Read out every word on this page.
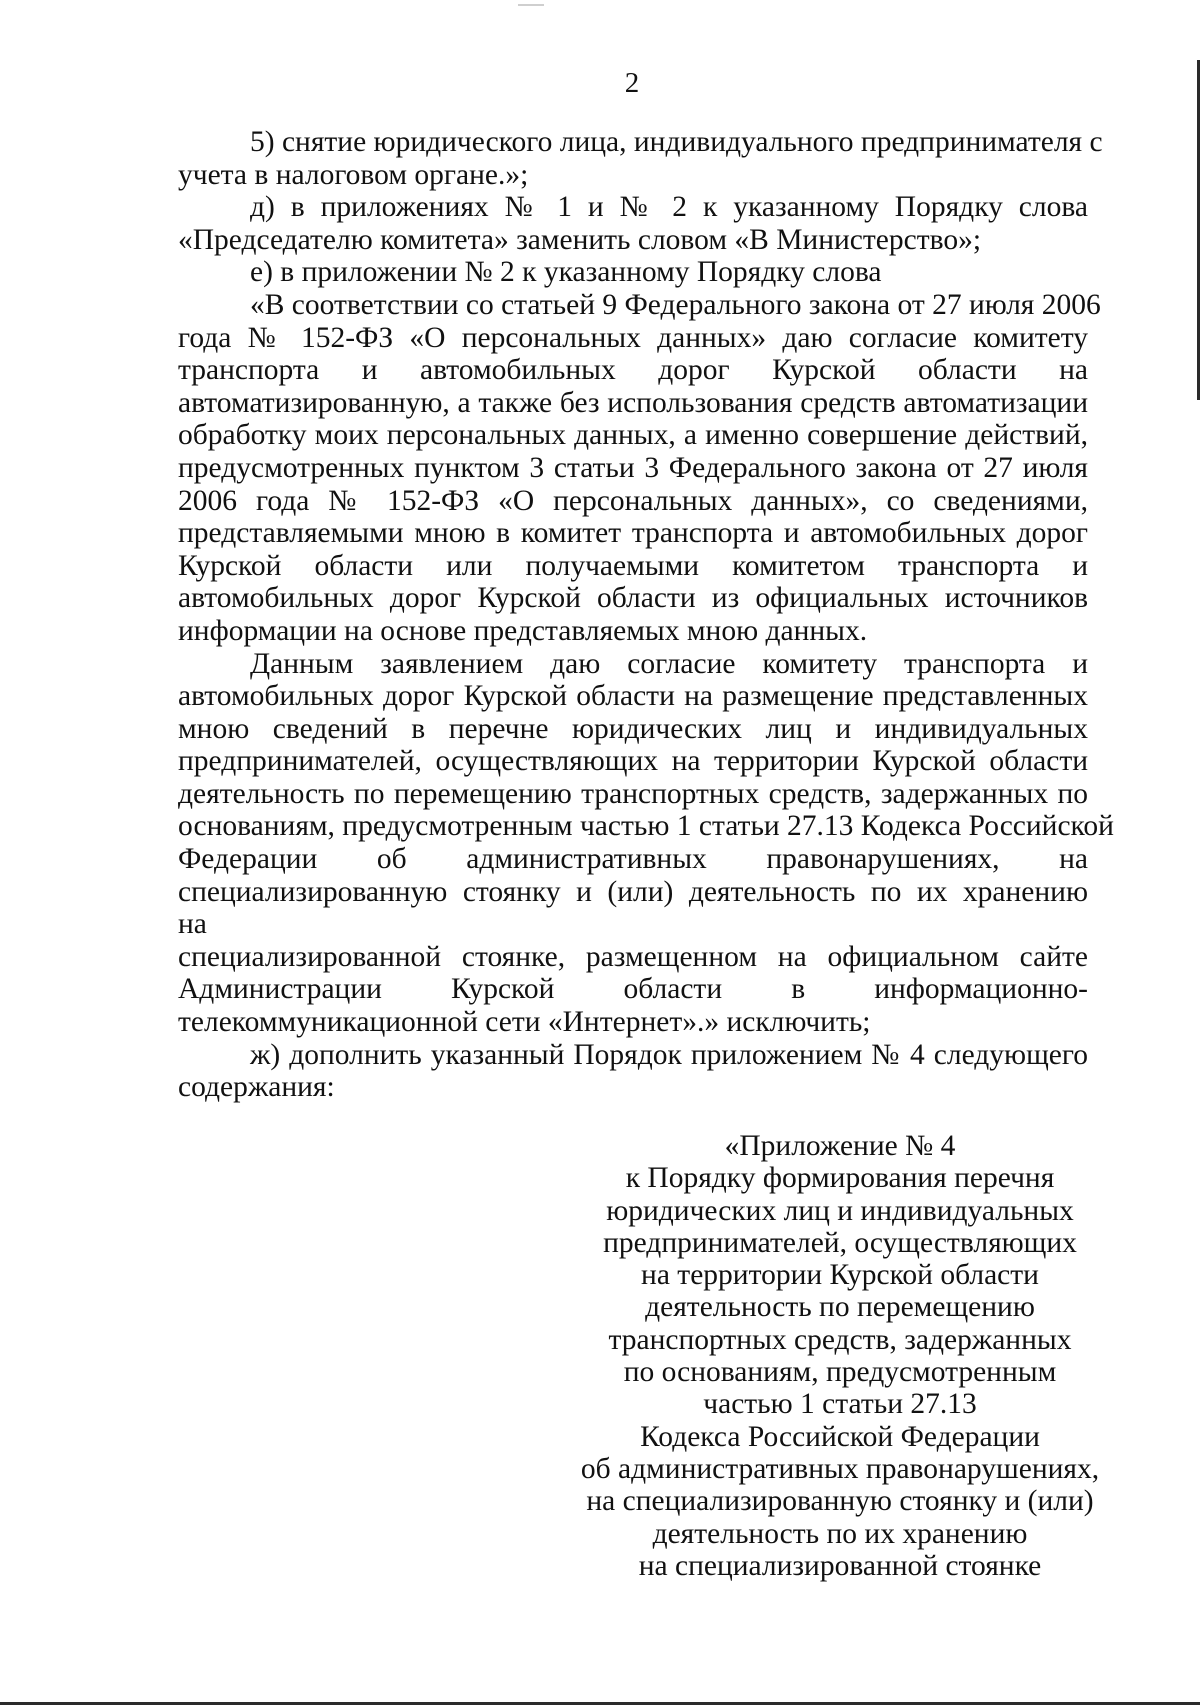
2
5) снятие юридического лица, индивидуального предпринимателя с
учета в налоговом органе.»;
д) в приложениях № 1 и № 2 к указанному Порядку слова
«Председателю комитета» заменить словом «В Министерство»;
е) в приложении № 2 к указанному Порядку слова
«В соответствии со статьей 9 Федерального закона от 27 июля 2006
года № 152-ФЗ «О персональных данных» даю согласие комитету
транспорта и автомобильных дорог Курской области на
автоматизированную, а также без использования средств автоматизации
обработку моих персональных данных, а именно совершение действий,
предусмотренных пунктом 3 статьи 3 Федерального закона от 27 июля
2006 года № 152-ФЗ «О персональных данных», со сведениями,
представляемыми мною в комитет транспорта и автомобильных дорог
Курской области или получаемыми комитетом транспорта и
автомобильных дорог Курской области из официальных источников
информации на основе представляемых мною данных.
Данным заявлением даю согласие комитету транспорта и
автомобильных дорог Курской области на размещение представленных
мною сведений в перечне юридических лиц и индивидуальных
предпринимателей, осуществляющих на территории Курской области
деятельность по перемещению транспортных средств, задержанных по
основаниям, предусмотренным частью 1 статьи 27.13 Кодекса Российской
Федерации об административных правонарушениях, на
специализированную стоянку и (или) деятельность по их хранению
на
специализированной стоянке, размещенном на официальном сайте
Администрации Курской области в информационно-
телекоммуникационной сети «Интернет».» исключить;
ж) дополнить указанный Порядок приложением № 4 следующего
содержания:
«Приложение № 4
к Порядку формирования перечня
юридических лиц и индивидуальных
предпринимателей, осуществляющих
на территории Курской области
деятельность по перемещению
транспортных средств, задержанных
по основаниям, предусмотренным
частью 1 статьи 27.13
Кодекса Российской Федерации
об административных правонарушениях,
на специализированную стоянку и (или)
деятельность по их хранению
на специализированной стоянке
